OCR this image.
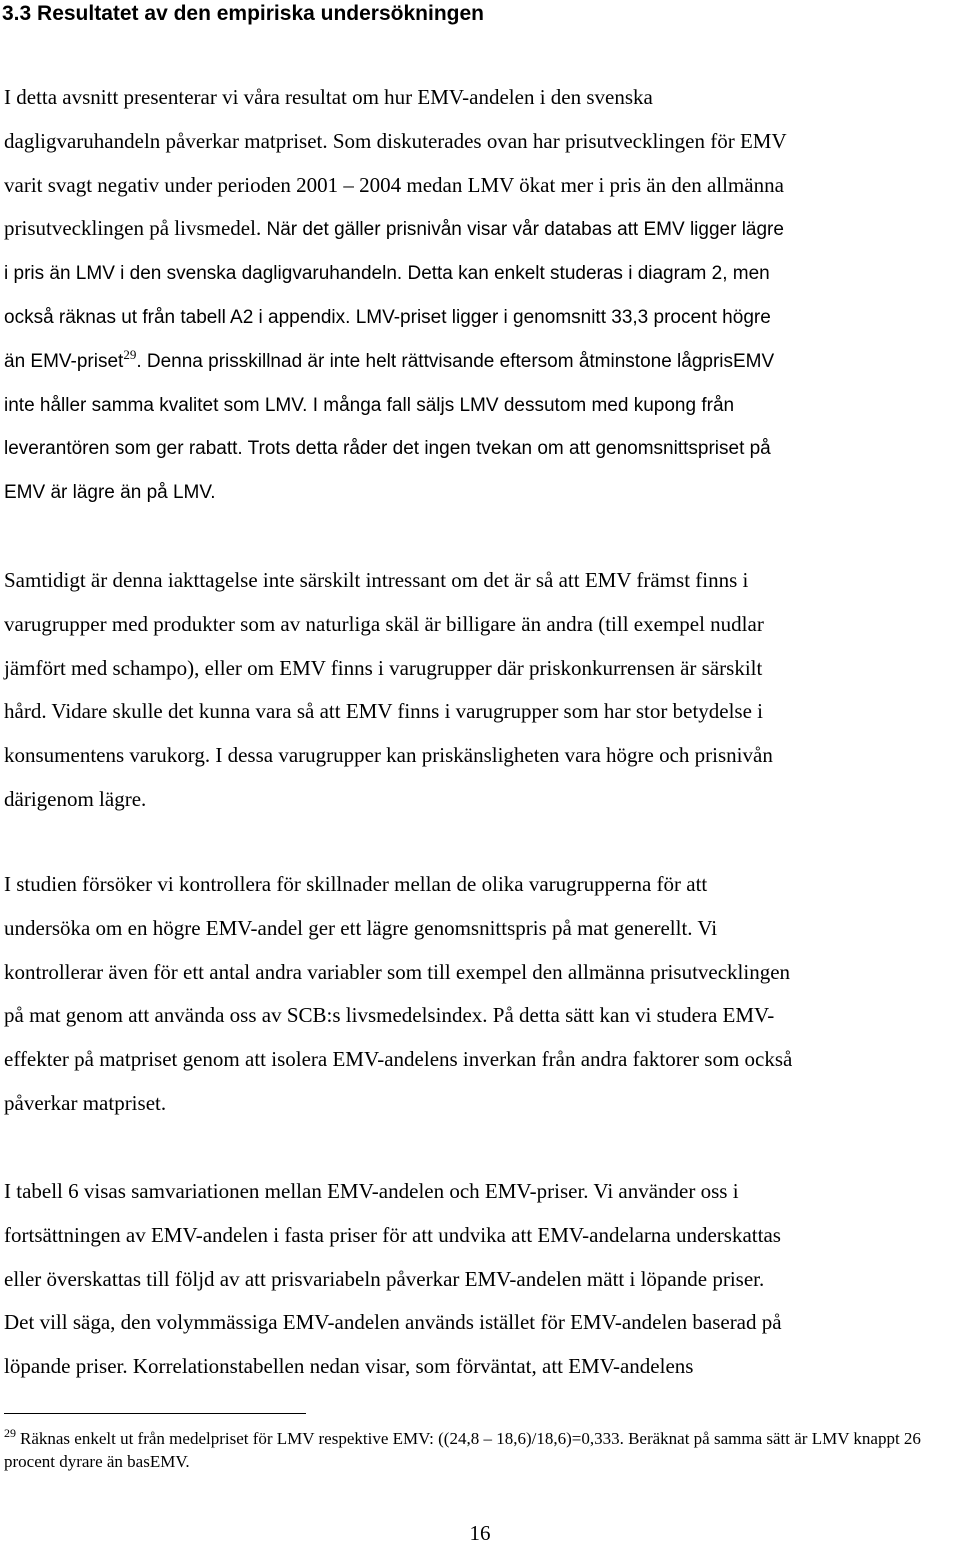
3.3 Resultatet av den empiriska undersökningen
I detta avsnitt presenterar vi våra resultat om hur EMV-andelen i den svenska
dagligvaruhandeln påverkar matpriset. Som diskuterades ovan har prisutvecklingen för EMV
varit svagt negativ under perioden 2001 – 2004 medan LMV ökat mer i pris än den allmänna
prisutvecklingen på livsmedel. När det gäller prisnivån visar vår databas att EMV ligger lägre
i pris än LMV i den svenska dagligvaruhandeln. Detta kan enkelt studeras i diagram 2, men
också räknas ut från tabell A2 i appendix. LMV-priset ligger i genomsnitt 33,3 procent högre
än EMV-priset$^{29}$. Denna prisskillnad är inte helt rättvisande eftersom åtminstone lågprisEMV
inte håller samma kvalitet som LMV. I många fall säljs LMV dessutom med kupong från
leverantören som ger rabatt. Trots detta råder det ingen tvekan om att genomsnittspriset på
EMV är lägre än på LMV.
Samtidigt är denna iakttagelse inte särskilt intressant om det är så att EMV främst finns i
varugrupper med produkter som av naturliga skäl är billigare än andra (till exempel nudlar
jämfört med schampo), eller om EMV finns i varugrupper där priskonkurrensen är särskilt
hård. Vidare skulle det kunna vara så att EMV finns i varugrupper som har stor betydelse i
konsumentens varukorg. I dessa varugrupper kan priskänsligheten vara högre och prisnivån
därigenom lägre.
I studien försöker vi kontrollera för skillnader mellan de olika varugrupperna för att
undersöka om en högre EMV-andel ger ett lägre genomsnittspris på mat generellt. Vi
kontrollerar även för ett antal andra variabler som till exempel den allmänna prisutvecklingen
på mat genom att använda oss av SCB:s livsmedelsindex. På detta sätt kan vi studera EMV-
effekter på matpriset genom att isolera EMV-andelens inverkan från andra faktorer som också
påverkar matpriset.
I tabell 6 visas samvariationen mellan EMV-andelen och EMV-priser. Vi använder oss i
fortsättningen av EMV-andelen i fasta priser för att undvika att EMV-andelarna underskattas
eller överskattas till följd av att prisvariabeln påverkar EMV-andelen mätt i löpande priser.
Det vill säga, den volymmässiga EMV-andelen används istället för EMV-andelen baserad på
löpande priser. Korrelationstabellen nedan visar, som förväntat, att EMV-andelens

$^{29}$ Räknas enkelt ut från medelpriset för LMV respektive EMV: ((24,8 – 18,6)/18,6)=0,333. Beräknat på samma sätt är LMV knappt 26 procent dyrare än basEMV.

16
